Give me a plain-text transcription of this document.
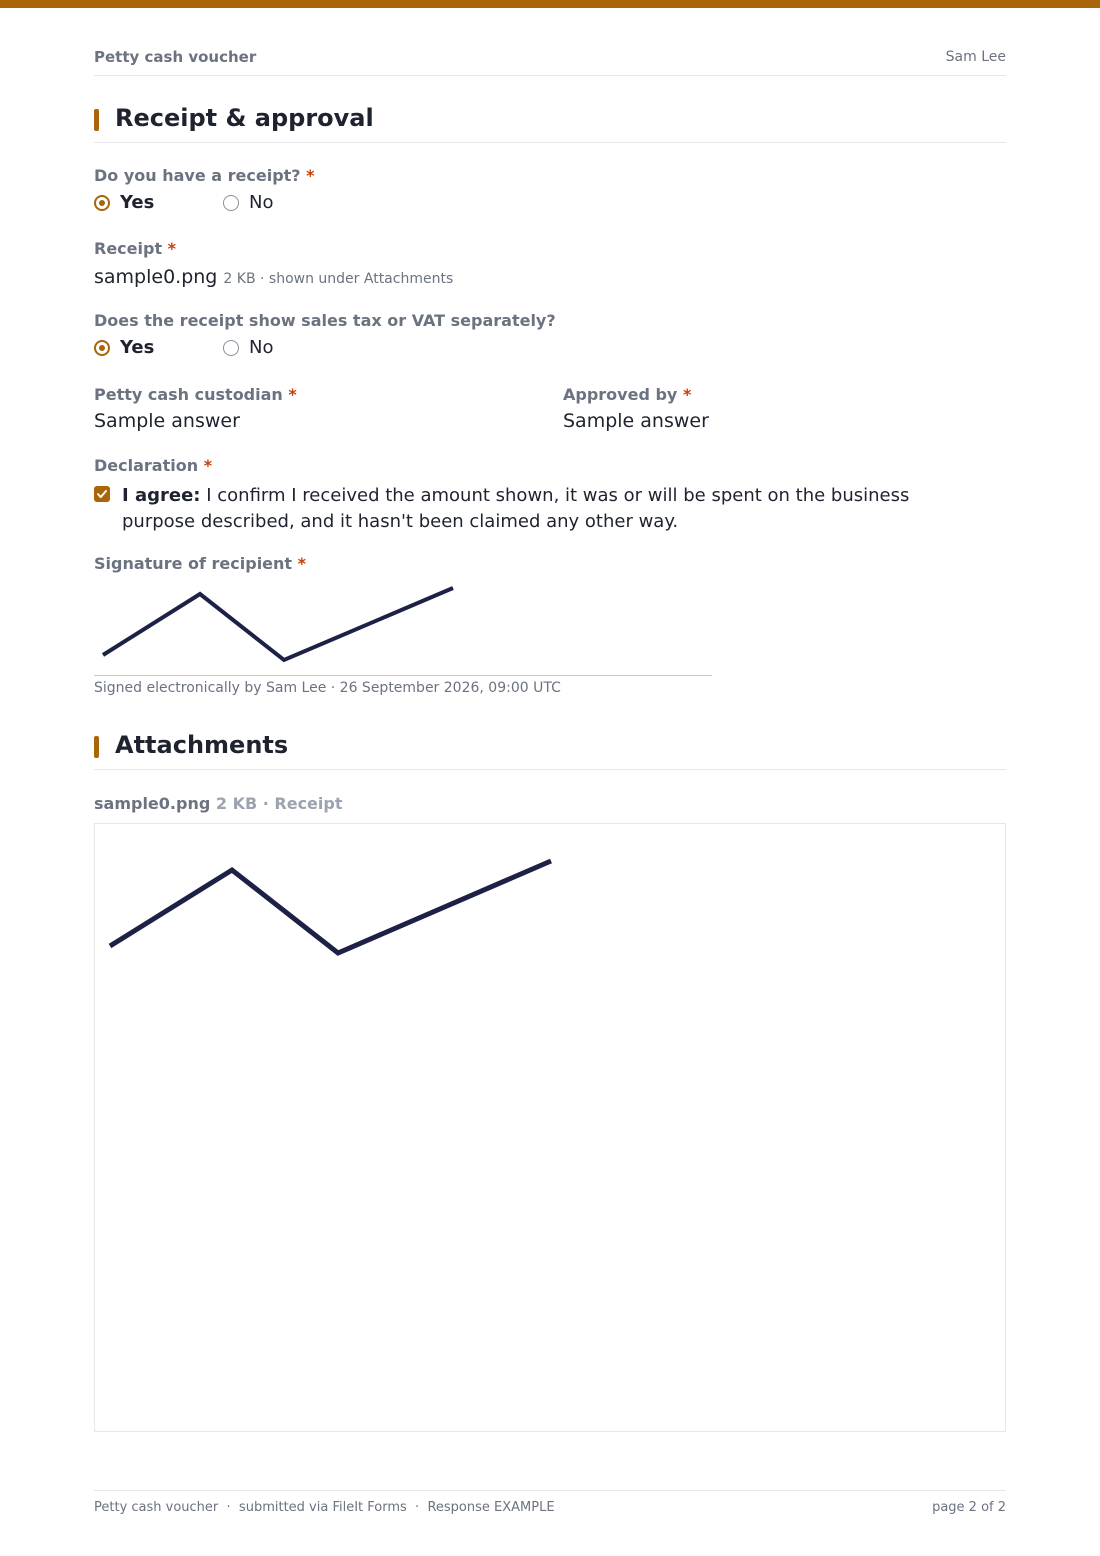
Petty cash voucher	Sam Lee
Receipt & approval
Do you have a receipt? *
Yes	No
Receipt *
sample0.png 2 KB · shown under Attachments
Does the receipt show sales tax or VAT separately?
Yes	No
Petty cash custodian *
Sample answer
Approved by *
Sample answer
Declaration *
I agree: I confirm I received the amount shown, it was or will be spent on the business purpose described, and it hasn't been claimed any other way.
Signature of recipient *
Signed electronically by Sam Lee · 26 September 2026, 09:00 UTC
Attachments
sample0.png 2 KB · Receipt
Petty cash voucher  ·  submitted via FileIt Forms  ·  Response EXAMPLE	page 2 of 2
